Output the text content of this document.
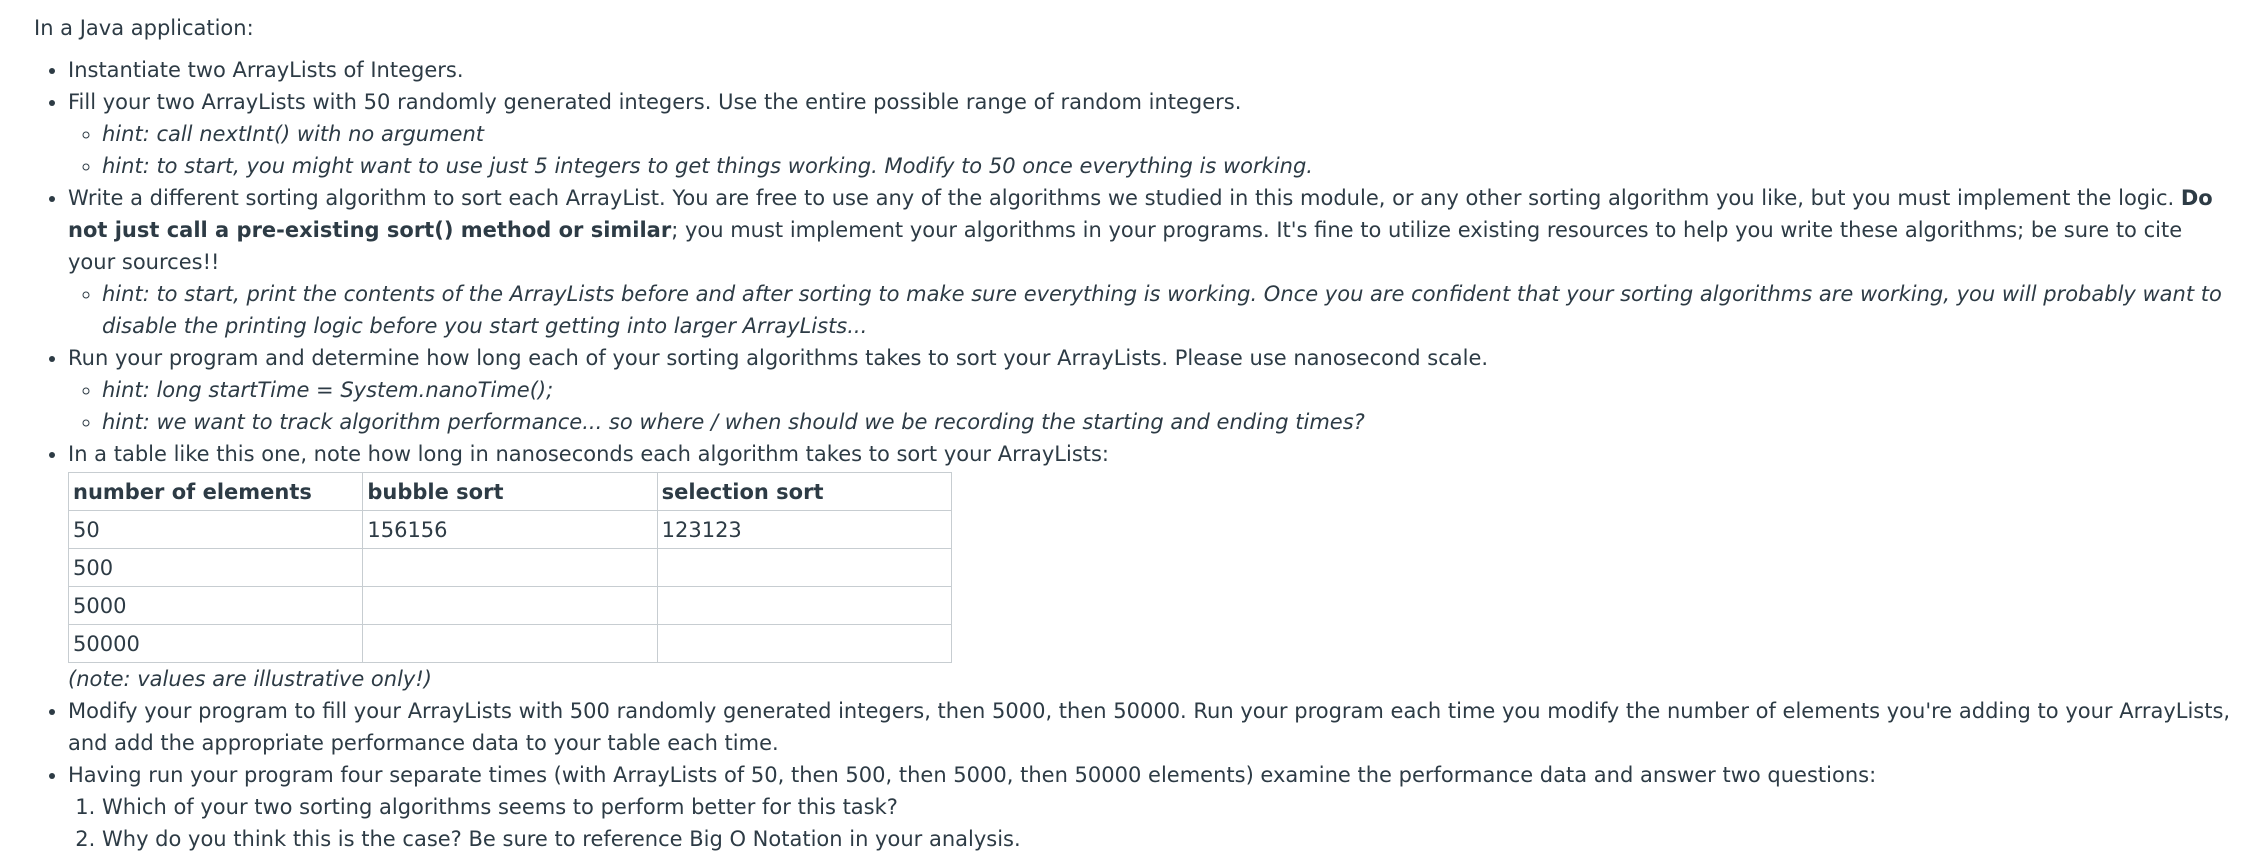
In a Java application:

• Instantiate two ArrayLists of Integers.
• Fill your two ArrayLists with 50 randomly generated integers. Use the entire possible range of random integers.
◦ hint: call nextInt() with no argument
◦ hint: to start, you might want to use just 5 integers to get things working. Modify to 50 once everything is working.
• Write a different sorting algorithm to sort each ArrayList. You are free to use any of the algorithms we studied in this module, or any other sorting algorithm you like, but you must implement the logic. Do not just call a pre-existing sort() method or similar; you must implement your algorithms in your programs. It's fine to utilize existing resources to help you write these algorithms; be sure to cite your sources!!
◦ hint: to start, print the contents of the ArrayLists before and after sorting to make sure everything is working. Once you are confident that your sorting algorithms are working, you will probably want to disable the printing logic before you start getting into larger ArrayLists...
• Run your program and determine how long each of your sorting algorithms takes to sort your ArrayLists. Please use nanosecond scale.
◦ hint: long startTime = System.nanoTime();
◦ hint: we want to track algorithm performance... so where / when should we be recording the starting and ending times?
• In a table like this one, note how long in nanoseconds each algorithm takes to sort your ArrayLists:
number of elements	bubble sort	selection sort
50	156156	123123
500		
5000		
50000		
(note: values are illustrative only!)
• Modify your program to fill your ArrayLists with 500 randomly generated integers, then 5000, then 50000. Run your program each time you modify the number of elements you're adding to your ArrayLists, and add the appropriate performance data to your table each time.
• Having run your program four separate times (with ArrayLists of 50, then 500, then 5000, then 50000 elements) examine the performance data and answer two questions:
1. Which of your two sorting algorithms seems to perform better for this task?
2. Why do you think this is the case? Be sure to reference Big O Notation in your analysis.
